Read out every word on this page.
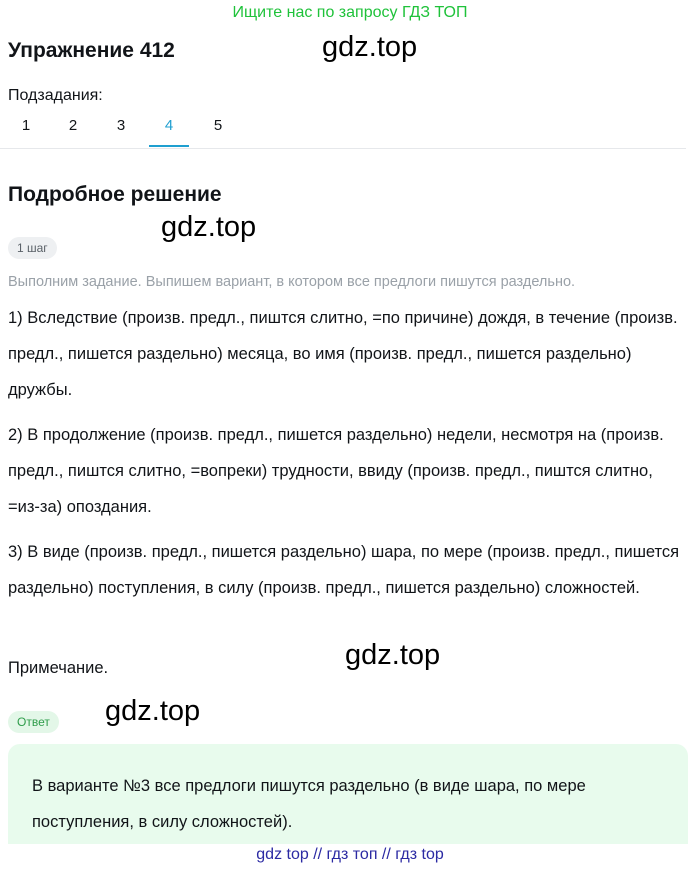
Ищите нас по запросу ГДЗ ТОП
Упражнение 412	gdz.top
Подзадания:
1	2	3	4	5
Подробное решение
gdz.top
1 шаг
Выполним задание. Выпишем вариант, в котором все предлоги пишутся раздельно.
1) Вследствие (произв. предл., пиштся слитно, =по причине) дождя, в течение (произв. предл., пишется раздельно) месяца, во имя (произв. предл., пишется раздельно) дружбы.
2) В продолжение (произв. предл., пишется раздельно) недели, несмотря на (произв. предл., пиштся слитно, =вопреки) трудности, ввиду (произв. предл., пиштся слитно, =из-за) опоздания.
3) В виде (произв. предл., пишется раздельно) шара, по мере (произв. предл., пишется раздельно) поступления, в силу (произв. предл., пишется раздельно) сложностей.
Примечание.	gdz.top
Ответ	gdz.top
В варианте №3 все предлоги пишутся раздельно (в виде шара, по мере поступления, в силу сложностей).
gdz top // гдз топ // гдз top
